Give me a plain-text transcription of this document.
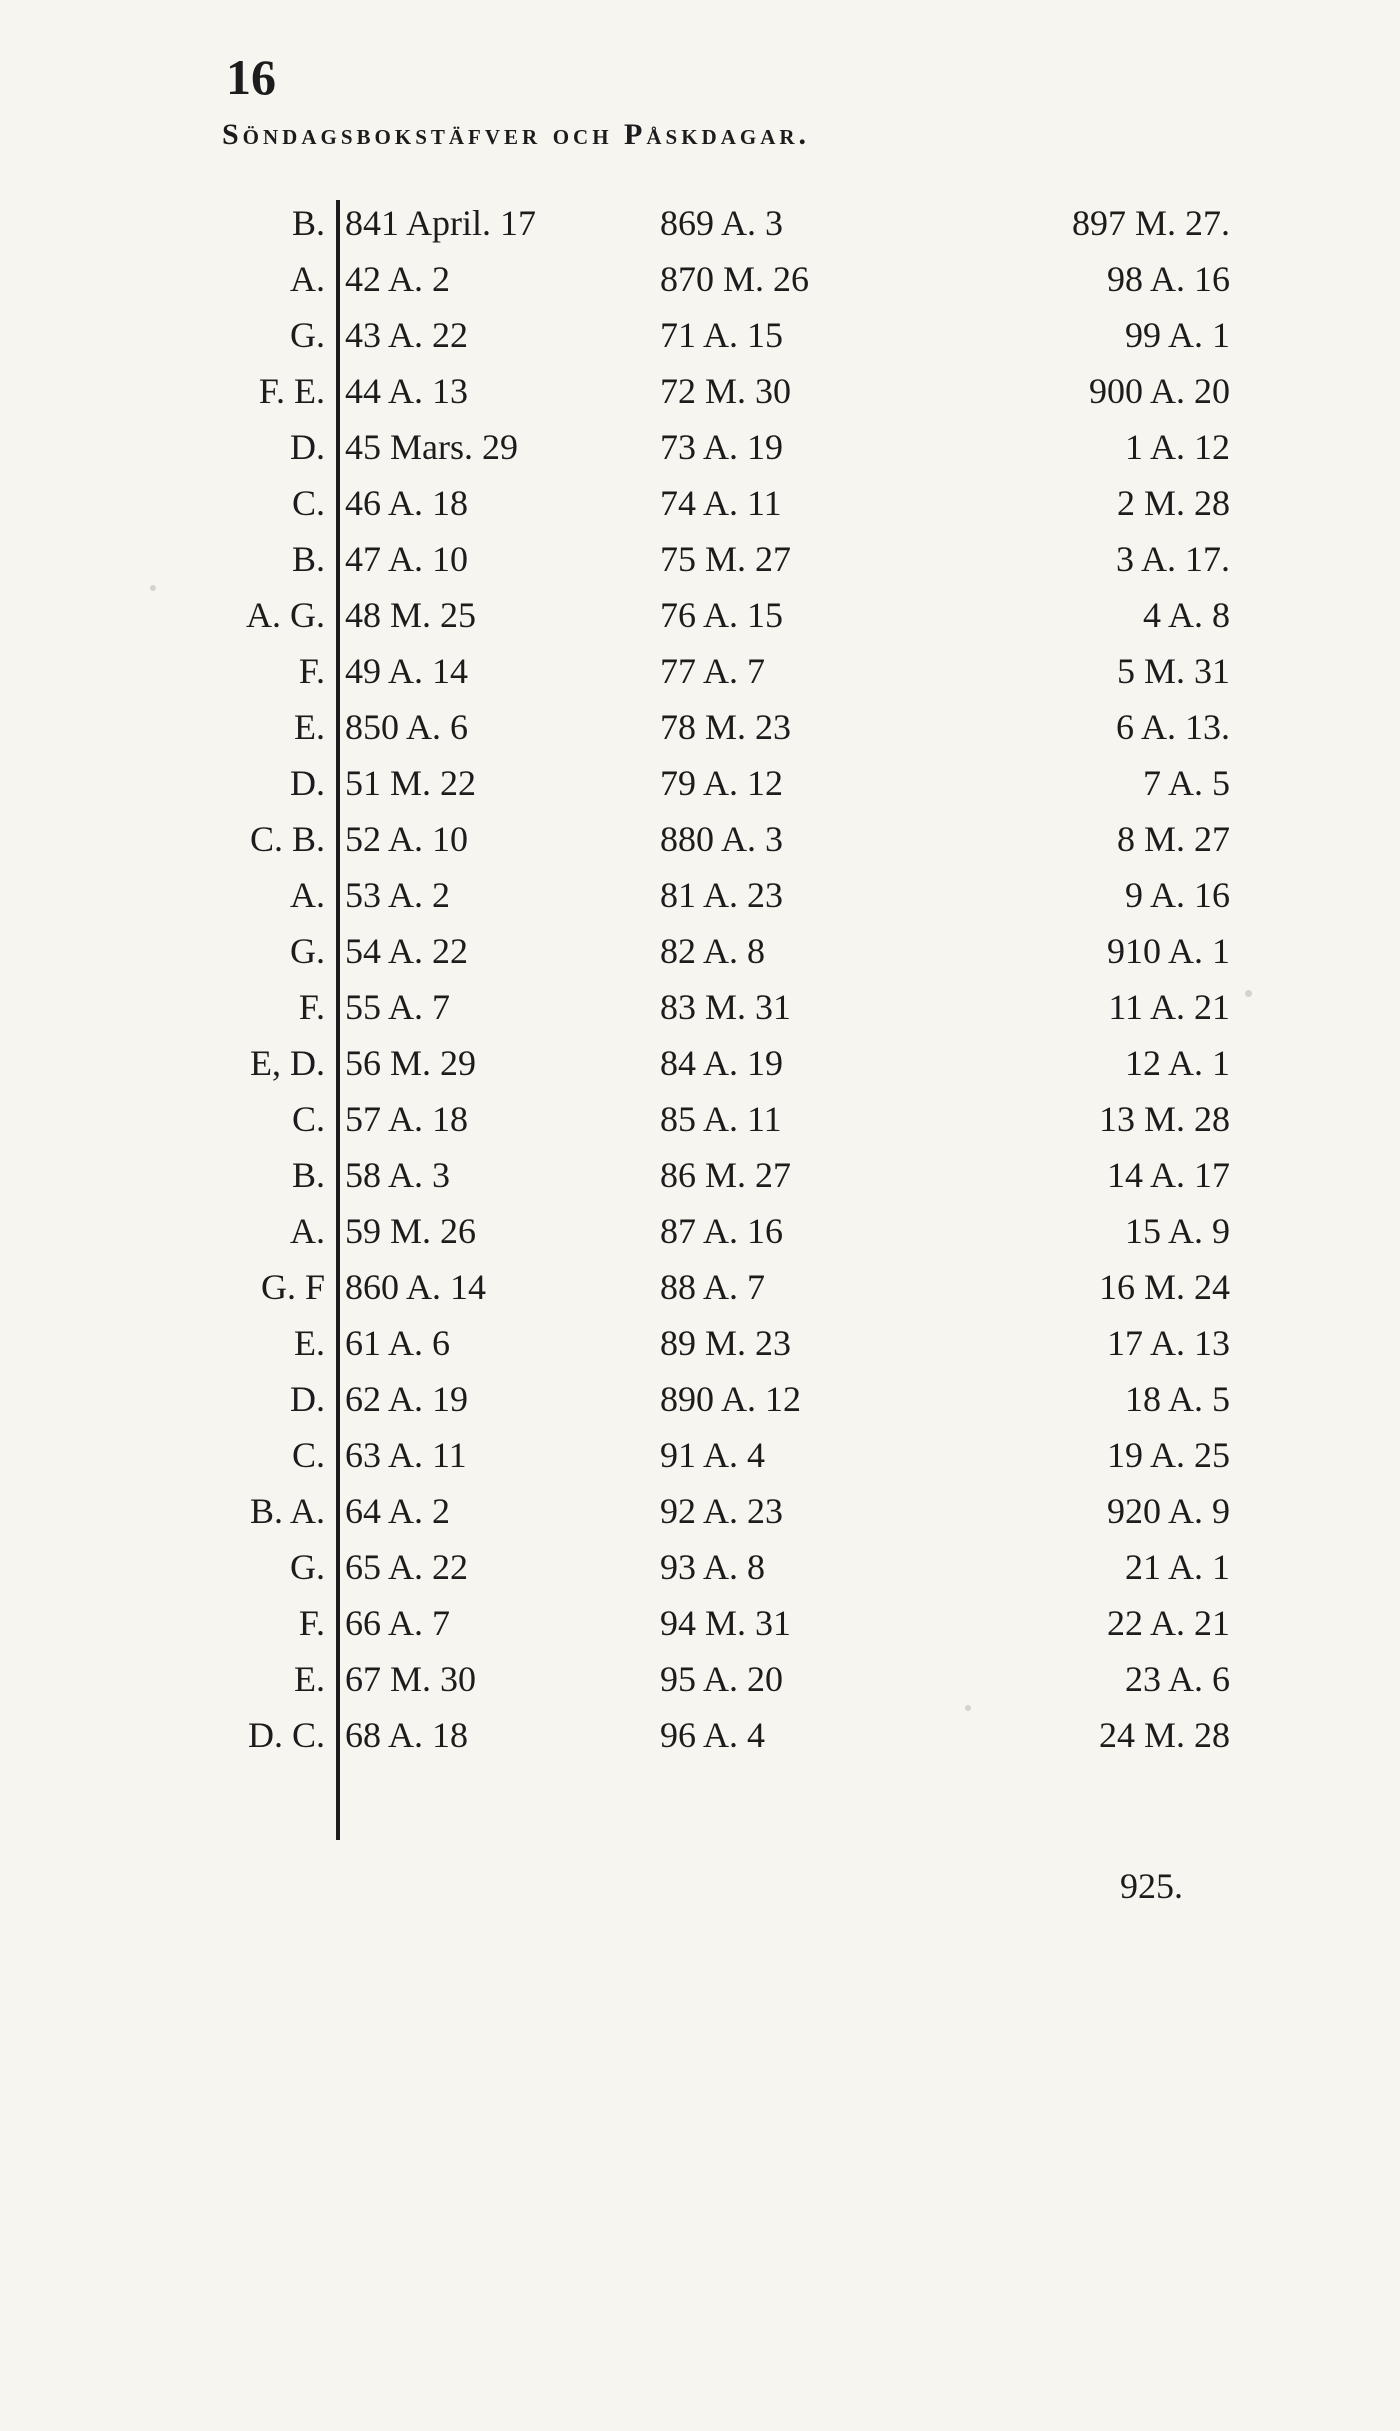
16
Söndagsbokstäfver och Påskdagar.
B.
A.
G.
F. E.
D.
C.
B.
A. G.
F.
E.
D.
C. B.
A.
G.
F.
E, D.
C.
B.
A.
G. F
E.
D.
C.
B. A.
G.
F.
E.
D. C.
841 April. 17
42 A. 2
43 A. 22
44 A. 13
45 Mars. 29
46 A. 18
47 A. 10
48 M. 25
49 A. 14
850 A. 6
51 M. 22
52 A. 10
53 A. 2
54 A. 22
55 A. 7
56 M. 29
57 A. 18
58 A. 3
59 M. 26
860 A. 14
61 A. 6
62 A. 19
63 A. 11
64 A. 2
65 A. 22
66 A. 7
67 M. 30
68 A. 18
869 A. 3
870 M. 26
71 A. 15
72 M. 30
73 A. 19
74 A. 11
75 M. 27
76 A. 15
77 A. 7
78 M. 23
79 A. 12
880 A. 3
81 A. 23
82 A. 8
83 M. 31
84 A. 19
85 A. 11
86 M. 27
87 A. 16
88 A. 7
89 M. 23
890 A. 12
91 A. 4
92 A. 23
93 A. 8
94 M. 31
95 A. 20
96 A. 4
897 M. 27.
98 A. 16
99 A. 1
900 A. 20
1 A. 12
2 M. 28
3 A. 17.
4 A. 8
5 M. 31
6 A. 13.
7 A. 5
8 M. 27
9 A. 16
910 A. 1
11 A. 21
12 A. 1
13 M. 28
14 A. 17
15 A. 9
16 M. 24
17 A. 13
18 A. 5
19 A. 25
920 A. 9
21 A. 1
22 A. 21
23 A. 6
24 M. 28
925.
